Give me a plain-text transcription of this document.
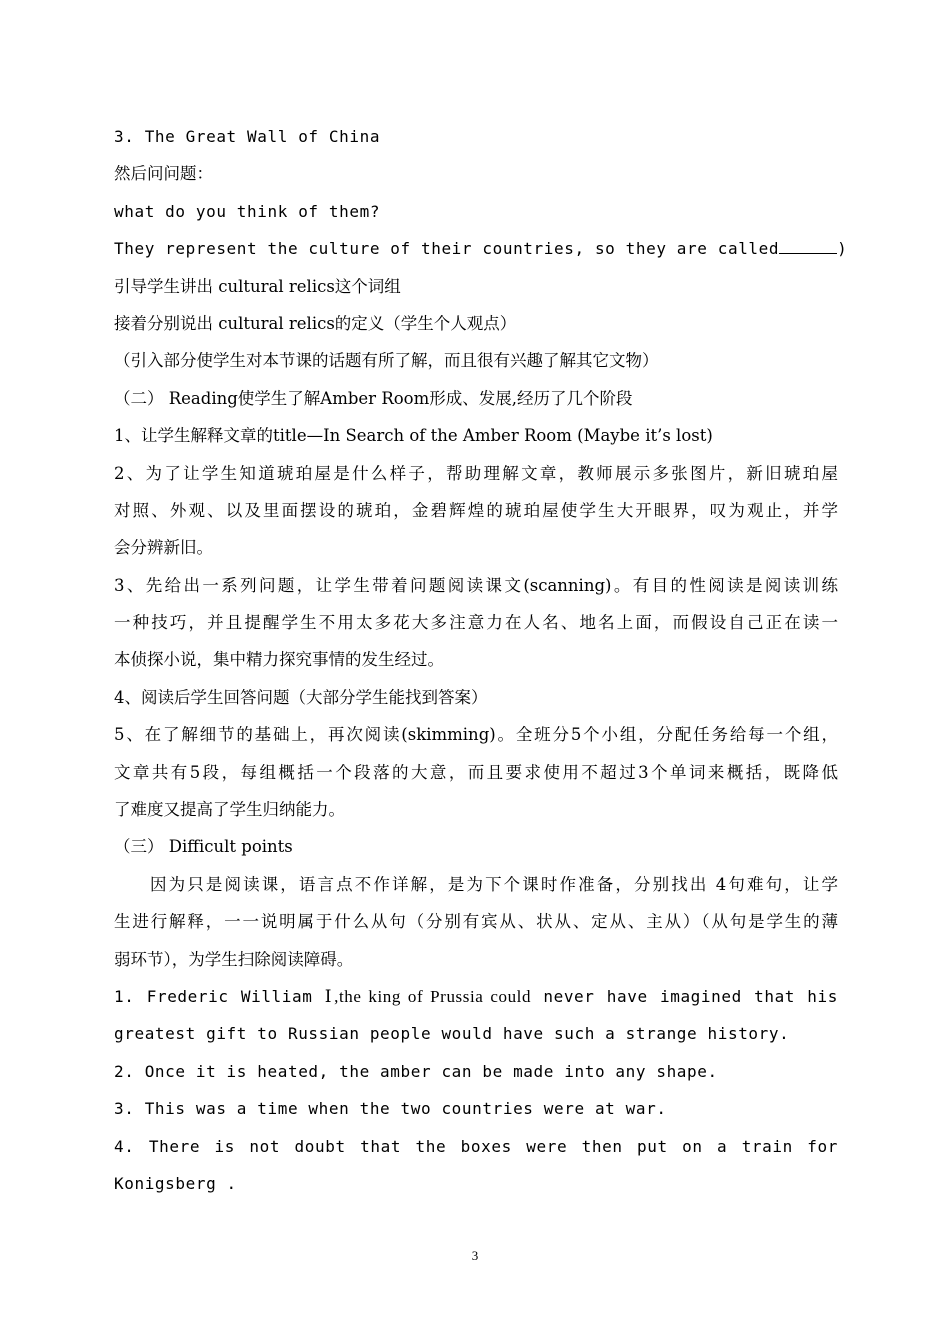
3. The Great Wall of China
然后问问题：
what do you think of them?
They represent the culture of their countries, so they are called	)
引导学生讲出 cultural relics这个词组
接着分别说出 cultural relics的定义（学生个人观点）
（引入部分使学生对本节课的话题有所了解，而且很有兴趣了解其它文物）
（二） Reading使学生了解Amber Room形成、发展,经历了几个阶段
1、让学生解释文章的title—In Search of the Amber Room (Maybe it’s lost)
2、为了让学生知道琥珀屋是什么样子，帮助理解文章，教师展示多张图片，新旧琥珀屋
对照、外观、以及里面摆设的琥珀，金碧辉煌的琥珀屋使学生大开眼界，叹为观止，并学
会分辨新旧。
3、先给出一系列问题，让学生带着问题阅读课文(scanning)。有目的性阅读是阅读训练
一种技巧，并且提醒学生不用太多花大多注意力在人名、地名上面，而假设自己正在读一
本侦探小说，集中精力探究事情的发生经过。
4、阅读后学生回答问题（大部分学生能找到答案）
5、在了解细节的基础上，再次阅读(skimming)。全班分5个小组，分配任务给每一个组，
文章共有5段，每组概括一个段落的大意，而且要求使用不超过3个单词来概括，既降低
了难度又提高了学生归纳能力。
（三） Difficult points
因为只是阅读课，语言点不作详解，是为下个课时作准备，分别找出 4句难句，让学
生进行解释，一一说明属于什么从句（分别有宾从、状从、定从、主从）（从句是学生的薄
弱环节），为学生扫除阅读障碍。
1. Frederic William Ⅰ,the king of Prussia could never have imagined that his
greatest gift to Russian people would have such a strange history.
2. Once it is heated, the amber can be made into any shape.
3. This was a time when the two countries were at war.
4. There is not doubt that the boxes were then put on a train for
Konigsberg .
3
